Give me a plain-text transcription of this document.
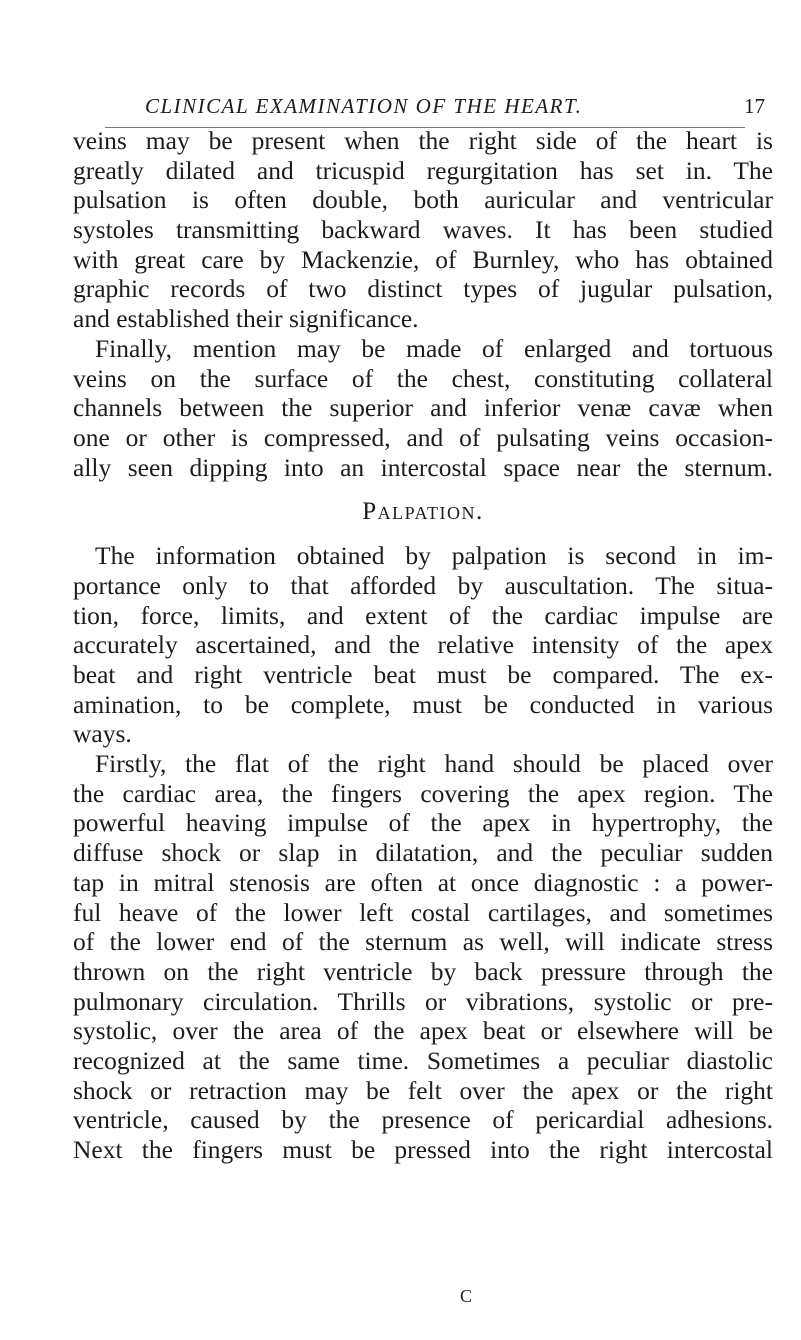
CLINICAL EXAMINATION OF THE HEART.	17
veins may be present when the right side of the heart is
greatly dilated and tricuspid regurgitation has set in. The
pulsation is often double, both auricular and ventricular
systoles transmitting backward waves. It has been studied
with great care by Mackenzie, of Burnley, who has obtained
graphic records of two distinct types of jugular pulsation,
and established their significance.
Finally, mention may be made of enlarged and tortuous
veins on the surface of the chest, constituting collateral
channels between the superior and inferior venæ cavæ when
one or other is compressed, and of pulsating veins occasion-
ally seen dipping into an intercostal space near the sternum.
Palpation.
The information obtained by palpation is second in im-
portance only to that afforded by auscultation. The situa-
tion, force, limits, and extent of the cardiac impulse are
accurately ascertained, and the relative intensity of the apex
beat and right ventricle beat must be compared. The ex-
amination, to be complete, must be conducted in various
ways.
Firstly, the flat of the right hand should be placed over
the cardiac area, the fingers covering the apex region. The
powerful heaving impulse of the apex in hypertrophy, the
diffuse shock or slap in dilatation, and the peculiar sudden
tap in mitral stenosis are often at once diagnostic : a power-
ful heave of the lower left costal cartilages, and sometimes
of the lower end of the sternum as well, will indicate stress
thrown on the right ventricle by back pressure through the
pulmonary circulation. Thrills or vibrations, systolic or pre-
systolic, over the area of the apex beat or elsewhere will be
recognized at the same time. Sometimes a peculiar diastolic
shock or retraction may be felt over the apex or the right
ventricle, caused by the presence of pericardial adhesions.
Next the fingers must be pressed into the right intercostal
C
